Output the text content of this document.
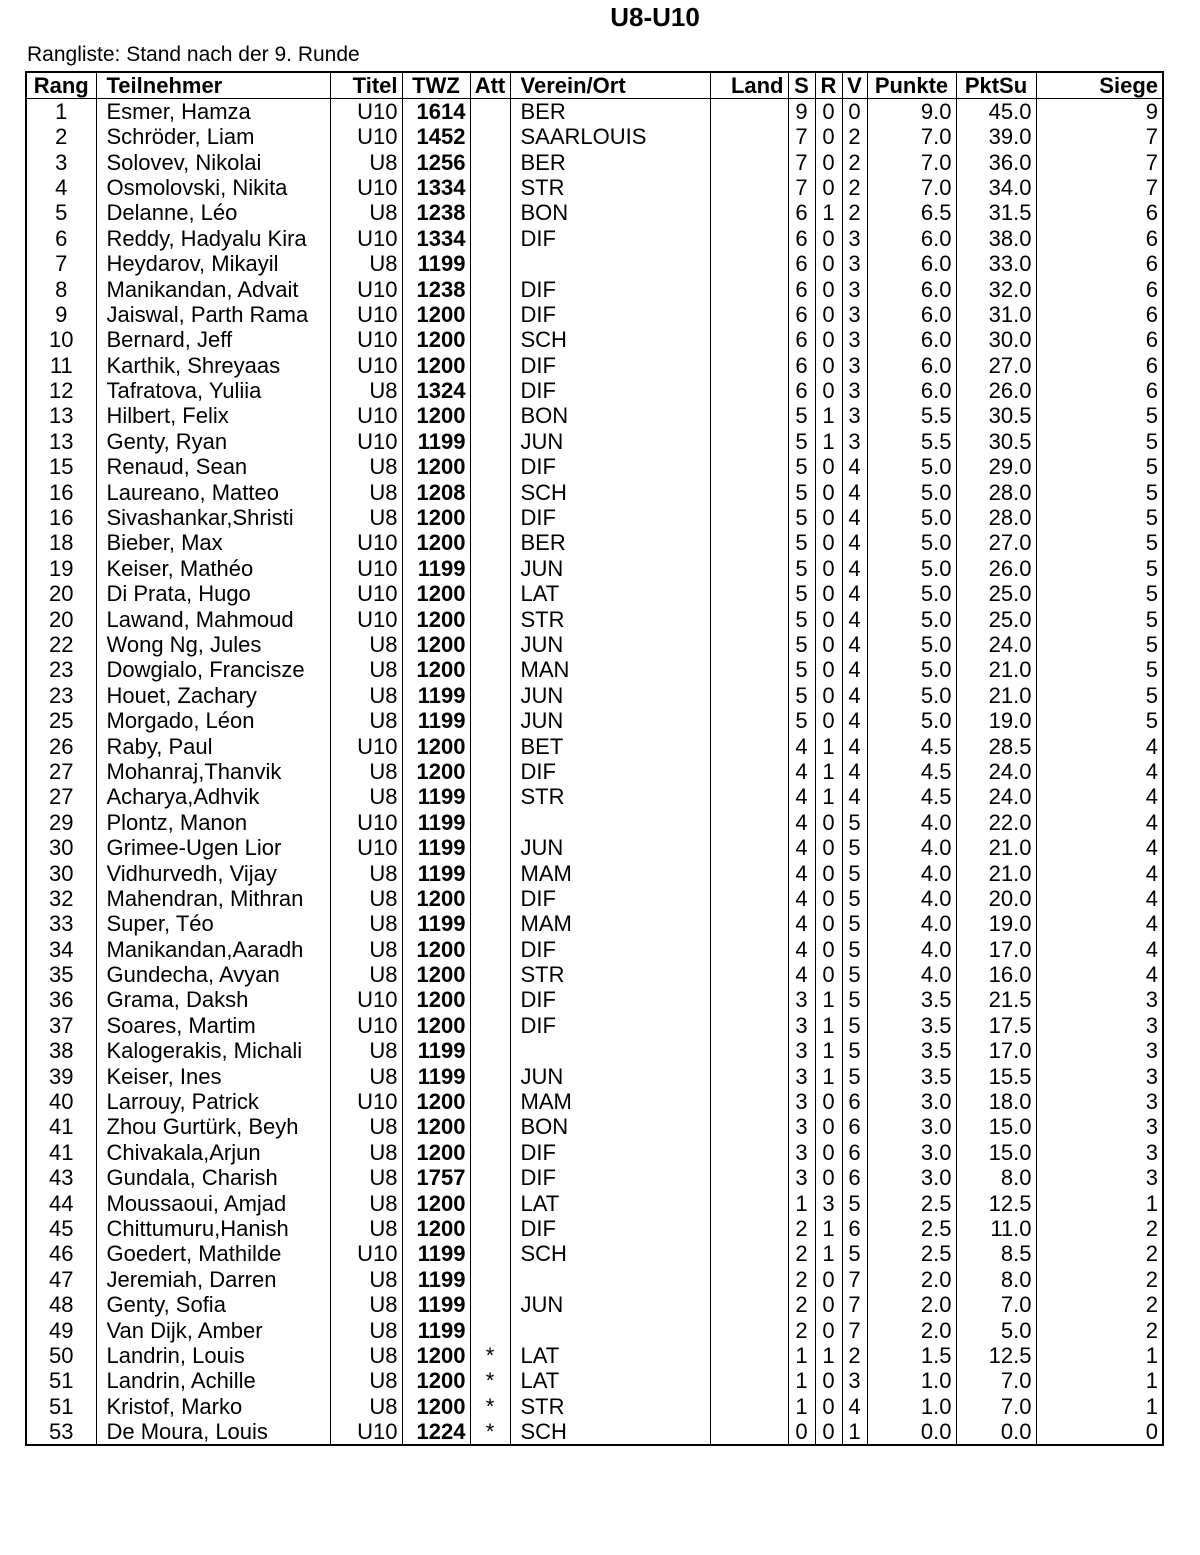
U8-U10
Rangliste: Stand nach der 9. Runde
Rang	Teilnehmer	Titel	TWZ	Att	Verein/Ort	Land	S	R	V	Punkte	PktSu	Siege
1	Esmer, Hamza	U10	1614		BER		9	0	0	9.0	45.0	9
2	Schröder, Liam	U10	1452		SAARLOUIS		7	0	2	7.0	39.0	7
3	Solovev, Nikolai	U8	1256		BER		7	0	2	7.0	36.0	7
4	Osmolovski, Nikita	U10	1334		STR		7	0	2	7.0	34.0	7
5	Delanne, Léo	U8	1238		BON		6	1	2	6.5	31.5	6
6	Reddy, Hadyalu Kira	U10	1334		DIF		6	0	3	6.0	38.0	6
7	Heydarov, Mikayil	U8	1199				6	0	3	6.0	33.0	6
8	Manikandan, Advait	U10	1238		DIF		6	0	3	6.0	32.0	6
9	Jaiswal, Parth Rama	U10	1200		DIF		6	0	3	6.0	31.0	6
10	Bernard, Jeff	U10	1200		SCH		6	0	3	6.0	30.0	6
11	Karthik, Shreyaas	U10	1200		DIF		6	0	3	6.0	27.0	6
12	Tafratova, Yuliia	U8	1324		DIF		6	0	3	6.0	26.0	6
13	Hilbert, Felix	U10	1200		BON		5	1	3	5.5	30.5	5
13	Genty, Ryan	U10	1199		JUN		5	1	3	5.5	30.5	5
15	Renaud, Sean	U8	1200		DIF		5	0	4	5.0	29.0	5
16	Laureano, Matteo	U8	1208		SCH		5	0	4	5.0	28.0	5
16	Sivashankar,Shristi	U8	1200		DIF		5	0	4	5.0	28.0	5
18	Bieber, Max	U10	1200		BER		5	0	4	5.0	27.0	5
19	Keiser, Mathéo	U10	1199		JUN		5	0	4	5.0	26.0	5
20	Di Prata, Hugo	U10	1200		LAT		5	0	4	5.0	25.0	5
20	Lawand, Mahmoud	U10	1200		STR		5	0	4	5.0	25.0	5
22	Wong Ng, Jules	U8	1200		JUN		5	0	4	5.0	24.0	5
23	Dowgialo, Francisze	U8	1200		MAN		5	0	4	5.0	21.0	5
23	Houet, Zachary	U8	1199		JUN		5	0	4	5.0	21.0	5
25	Morgado, Léon	U8	1199		JUN		5	0	4	5.0	19.0	5
26	Raby, Paul	U10	1200		BET		4	1	4	4.5	28.5	4
27	Mohanraj,Thanvik	U8	1200		DIF		4	1	4	4.5	24.0	4
27	Acharya,Adhvik	U8	1199		STR		4	1	4	4.5	24.0	4
29	Plontz, Manon	U10	1199				4	0	5	4.0	22.0	4
30	Grimee-Ugen Lior	U10	1199		JUN		4	0	5	4.0	21.0	4
30	Vidhurvedh, Vijay	U8	1199		MAM		4	0	5	4.0	21.0	4
32	Mahendran, Mithran	U8	1200		DIF		4	0	5	4.0	20.0	4
33	Super, Téo	U8	1199		MAM		4	0	5	4.0	19.0	4
34	Manikandan,Aaradh	U8	1200		DIF		4	0	5	4.0	17.0	4
35	Gundecha, Avyan	U8	1200		STR		4	0	5	4.0	16.0	4
36	Grama, Daksh	U10	1200		DIF		3	1	5	3.5	21.5	3
37	Soares, Martim	U10	1200		DIF		3	1	5	3.5	17.5	3
38	Kalogerakis, Michali	U8	1199				3	1	5	3.5	17.0	3
39	Keiser, Ines	U8	1199		JUN		3	1	5	3.5	15.5	3
40	Larrouy, Patrick	U10	1200		MAM		3	0	6	3.0	18.0	3
41	Zhou Gurtürk, Beyh	U8	1200		BON		3	0	6	3.0	15.0	3
41	Chivakala,Arjun	U8	1200		DIF		3	0	6	3.0	15.0	3
43	Gundala, Charish	U8	1757		DIF		3	0	6	3.0	8.0	3
44	Moussaoui, Amjad	U8	1200		LAT		1	3	5	2.5	12.5	1
45	Chittumuru,Hanish	U8	1200		DIF		2	1	6	2.5	11.0	2
46	Goedert, Mathilde	U10	1199		SCH		2	1	5	2.5	8.5	2
47	Jeremiah, Darren	U8	1199				2	0	7	2.0	8.0	2
48	Genty, Sofia	U8	1199		JUN		2	0	7	2.0	7.0	2
49	Van Dijk, Amber	U8	1199				2	0	7	2.0	5.0	2
50	Landrin, Louis	U8	1200	*	LAT		1	1	2	1.5	12.5	1
51	Landrin, Achille	U8	1200	*	LAT		1	0	3	1.0	7.0	1
51	Kristof, Marko	U8	1200	*	STR		1	0	4	1.0	7.0	1
53	De Moura, Louis	U10	1224	*	SCH		0	0	1	0.0	0.0	0
